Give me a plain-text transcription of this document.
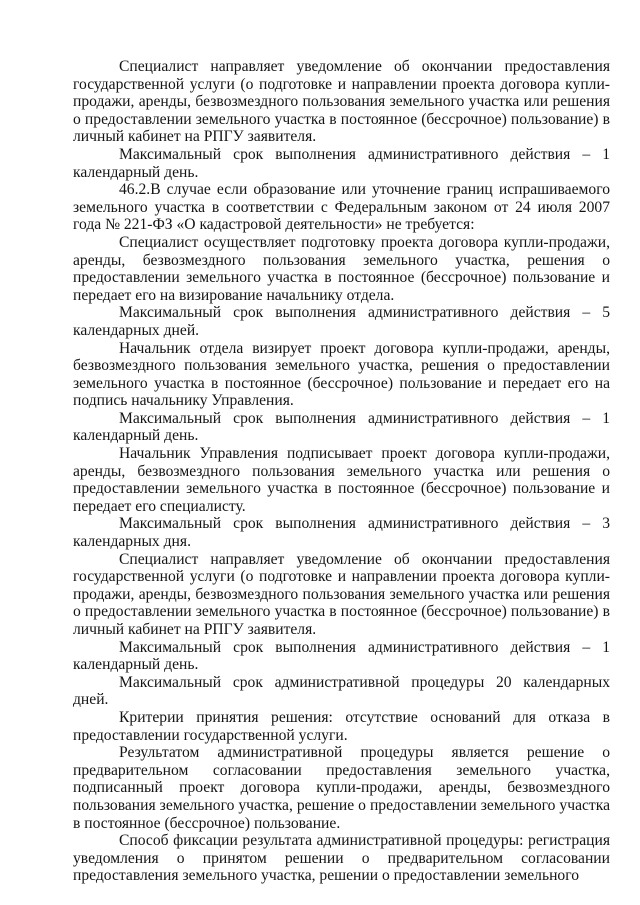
Специалист направляет уведомление об окончании предоставления государственной услуги (о подготовке и направлении проекта договора купли-продажи, аренды, безвозмездного пользования земельного участка или решения о предоставлении земельного участка в постоянное (бессрочное) пользование) в личный кабинет на РПГУ заявителя.

Максимальный срок выполнения административного действия – 1 календарный день.

46.2.В случае если образование или уточнение границ испрашиваемого земельного участка в соответствии с Федеральным законом от 24 июля 2007 года № 221-ФЗ «О кадастровой деятельности» не требуется:

Специалист осуществляет подготовку проекта договора купли-продажи, аренды, безвозмездного пользования земельного участка, решения о предоставлении земельного участка в постоянное (бессрочное) пользование и передает его на визирование начальнику отдела.

Максимальный срок выполнения административного действия – 5 календарных дней.

Начальник отдела визирует проект договора купли-продажи, аренды, безвозмездного пользования земельного участка, решения о предоставлении земельного участка в постоянное (бессрочное) пользование и передает его на подпись начальнику Управления.

Максимальный срок выполнения административного действия – 1 календарный день.

Начальник Управления подписывает проект договора купли-продажи, аренды, безвозмездного пользования земельного участка или решения о предоставлении земельного участка в постоянное (бессрочное) пользование и передает его специалисту.

Максимальный срок выполнения административного действия – 3 календарных дня.

Специалист направляет уведомление об окончании предоставления государственной услуги (о подготовке и направлении проекта договора купли-продажи, аренды, безвозмездного пользования земельного участка или решения о предоставлении земельного участка в постоянное (бессрочное) пользование) в личный кабинет на РПГУ заявителя.

Максимальный срок выполнения административного действия – 1 календарный день.

Максимальный срок административной процедуры 20 календарных дней.

Критерии принятия решения: отсутствие оснований для отказа в предоставлении государственной услуги.

Результатом административной процедуры является решение о предварительном согласовании предоставления земельного участка, подписанный проект договора купли-продажи, аренды, безвозмездного пользования земельного участка, решение о предоставлении земельного участка в постоянное (бессрочное) пользование.

Способ фиксации результата административной процедуры: регистрация уведомления о принятом решении о предварительном согласовании предоставления земельного участка, решении о предоставлении земельного
